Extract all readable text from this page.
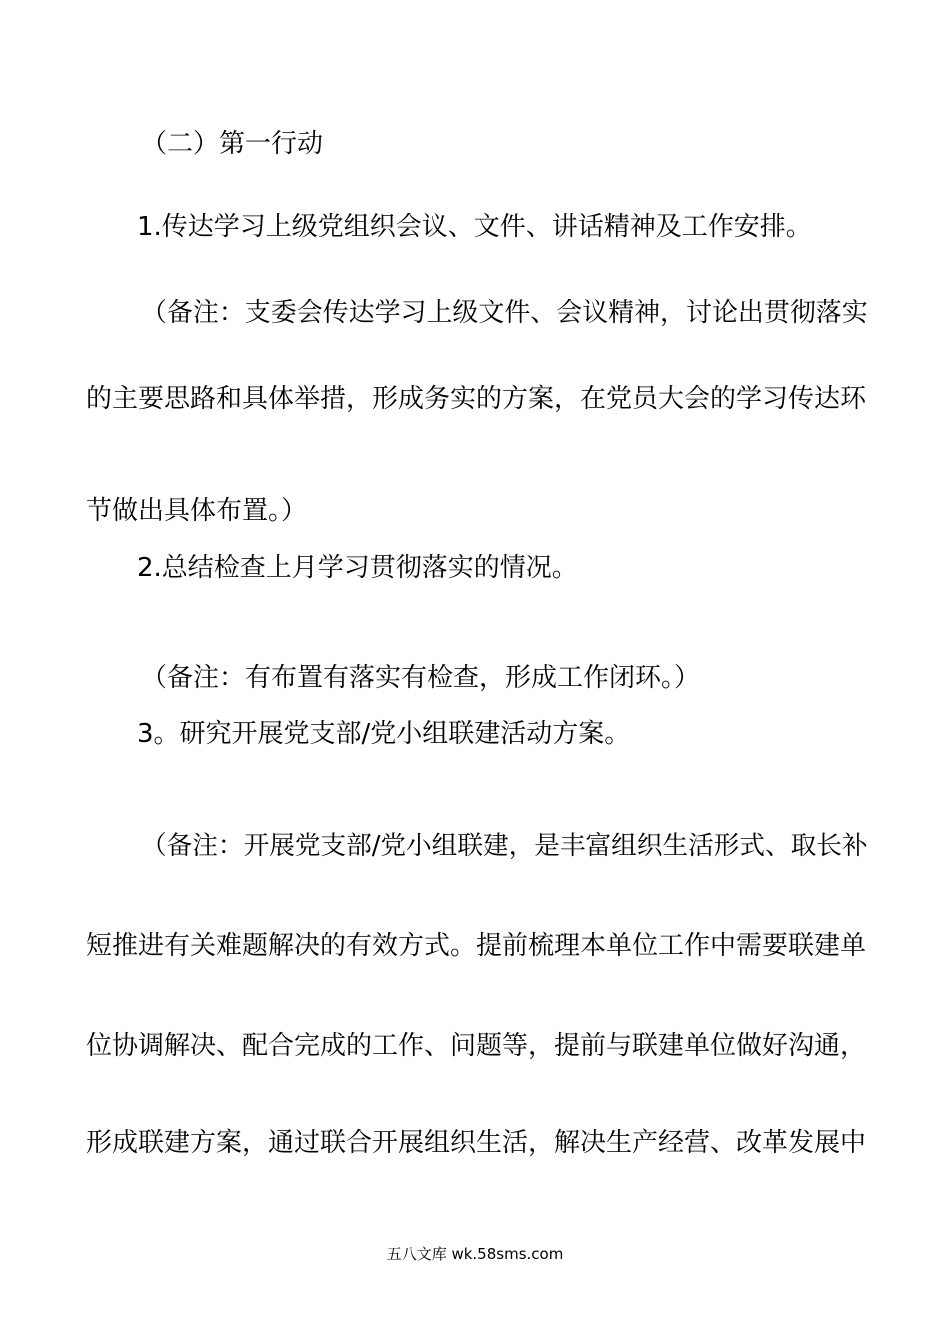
（二）第一行动

1.传达学习上级党组织会议、文件、讲话精神及工作安排。

（备注：支委会传达学习上级文件、会议精神，讨论出贯彻落实

的主要思路和具体举措，形成务实的方案，在党员大会的学习传达环

节做出具体布置。）

2.总结检查上月学习贯彻落实的情况。

（备注：有布置有落实有检查，形成工作闭环。）

3。研究开展党支部/党小组联建活动方案。

（备注：开展党支部/党小组联建，是丰富组织生活形式、取长补

短推进有关难题解决的有效方式。提前梳理本单位工作中需要联建单

位协调解决、配合完成的工作、问题等，提前与联建单位做好沟通，

形成联建方案，通过联合开展组织生活，解决生产经营、改革发展中

五八文库 wk.58sms.com
